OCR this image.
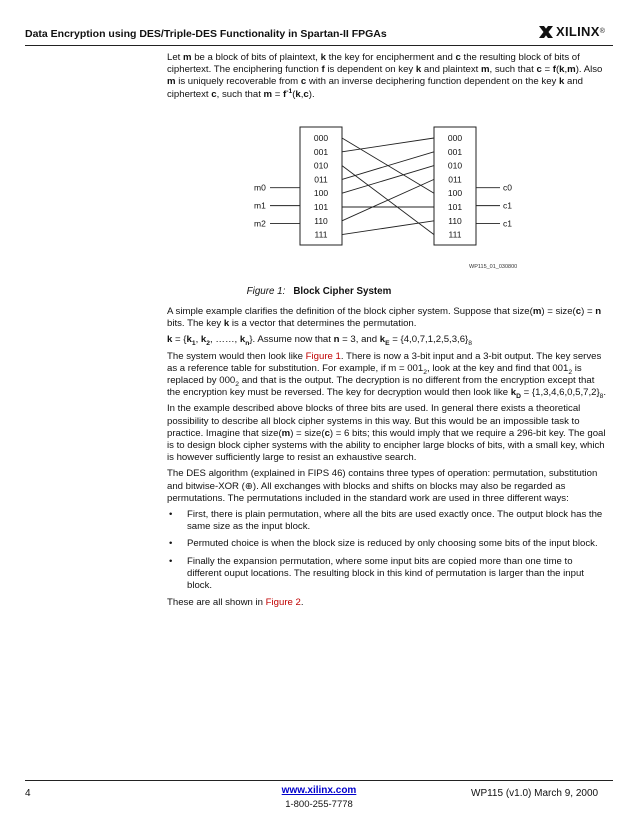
Data Encryption using DES/Triple-DES Functionality in Spartan-II FPGAs	XILINX ®

Let m be a block of bits of plaintext, k the key for encipherment and c the resulting block of bits of ciphertext. The enciphering function f is dependent on key k and plaintext m, such that c = f(k,m). Also m is uniquely recoverable from c with an inverse deciphering function dependent on the key k and ciphertext c, such that $m = f^{-1}(k,c)$.

000
001
010
011
100
101
110
111
000
001
010
011
100
101
110
111
m0
m1
m2
c0
c1
c1
WP115_01_030800
Figure 1: Block Cipher System

A simple example clarifies the definition of the block cipher system. Suppose that size(m) = size(c) = n bits. The key k is a vector that determines the permutation.

$k = \{k_1$, $k_2$, ……, $k_n$}. Assume now that n = 3, and $k_E = \{4,0,7,1,2,5,3,6\}_8$

The system would then look like Figure 1. There is now a 3-bit input and a 3-bit output. The key serves as a reference table for substitution. For example, if $m = 001_2$, look at the key and find that $001_2$ is replaced by $000_2$ and that is the output. The decryption is no different from the encryption except that the encryption key must be reversed. The key for decryption would then look like $k_D = \{1,3,4,6,0,5,7,2\}_8$.

In the example described above blocks of three bits are used. In general there exists a theoretical possibility to describe all block cipher systems in this way. But this would be an impossible task to practice. Imagine that size(m) = size(c) = 6 bits; this would imply that we require a 296-bit key. The goal is to design block cipher systems with the ability to encipher large blocks of bits, with a small key, which is however sufficiently large to resist an exhaustive search.

The DES algorithm (explained in FIPS 46) contains three types of operation: permutation, substitution and bitwise-XOR (⊕). All exchanges with blocks and shifts on blocks may also be regarded as permutations. The permutations included in the standard work are used in three different ways:

• First, there is plain permutation, where all the bits are used exactly once. The output block has the same size as the input block.
• Permuted choice is when the block size is reduced by only choosing some bits of the input block.
• Finally the expansion permutation, where some input bits are copied more than one time to different ouput locations. The resulting block in this kind of permutation is larger than the input block.

These are all shown in Figure 2.

4	www.xilinx.com
1-800-255-7778
WP115 (v1.0) March 9, 2000
